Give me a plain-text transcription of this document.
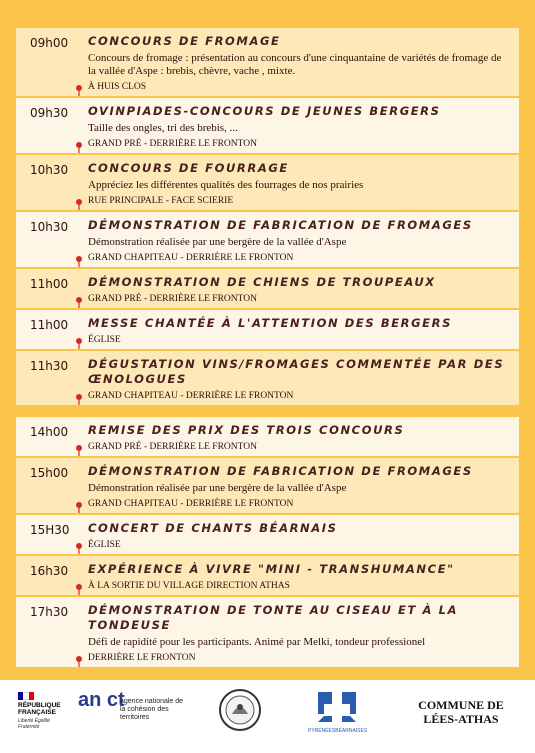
09h00 CONCOURS DE FROMAGE
Concours de fromage : présentation au concours d'une cinquantaine de variétés de fromage de la vallée d'Aspe : brebis, chèvre, vache , mixte.
À HUIS CLOS
09h30 OVINPIADES-CONCOURS DE JEUNES BERGERS
Taille des ongles, tri des brebis, ...
GRAND PRÉ - DERRIÈRE LE FRONTON
10h30 CONCOURS DE FOURRAGE
Appréciez les différentes qualités des fourrages de nos prairies
RUE PRINCIPALE - FACE SCIERIE
10h30 DÉMONSTRATION DE FABRICATION DE FROMAGES
Démonstration réalisée par une bergère de la vallée d'Aspe
GRAND CHAPITEAU - DERRIÈRE LE FRONTON
11h00 DÉMONSTRATION DE CHIENS DE TROUPEAUX
GRAND PRÉ - DERRIÈRE LE FRONTON
11h00 MESSE CHANTÉE À L'ATTENTION DES BERGERS
ÉGLISE
11h30 DÉGUSTATION VINS/FROMAGES COMMENTÉE PAR DES ŒNOLOGUES
GRAND CHAPITEAU - DERRIÈRE LE FRONTON
14h00 REMISE DES PRIX DES TROIS CONCOURS
GRAND PRÉ - DERRIÈRE LE FRONTON
15h00 DÉMONSTRATION DE FABRICATION DE FROMAGES
Démonstration réalisée par une bergère de la vallée d'Aspe
GRAND CHAPITEAU - DERRIÈRE LE FRONTON
15H30 CONCERT DE CHANTS BÉARNAIS
ÉGLISE
16h30 EXPÉRIENCE À VIVRE "MINI - TRANSHUMANCE"
À LA SORTIE DU VILLAGE DIRECTION ATHAS
17h30 DÉMONSTRATION DE TONTE AU CISEAU ET À LA TONDEUSE
Défi de rapidité pour les participants. Animé par Melki, tondeur professionel
DERRIÈRE LE FRONTON
RÉPUBLIQUE FRANÇAISE
Liberté Égalité Fraternité
an ct
agence nationale de la cohésion des territoires
PYRÉNÉESBÉARNAISES
COMMUNE DE
LÉES-ATHAS
